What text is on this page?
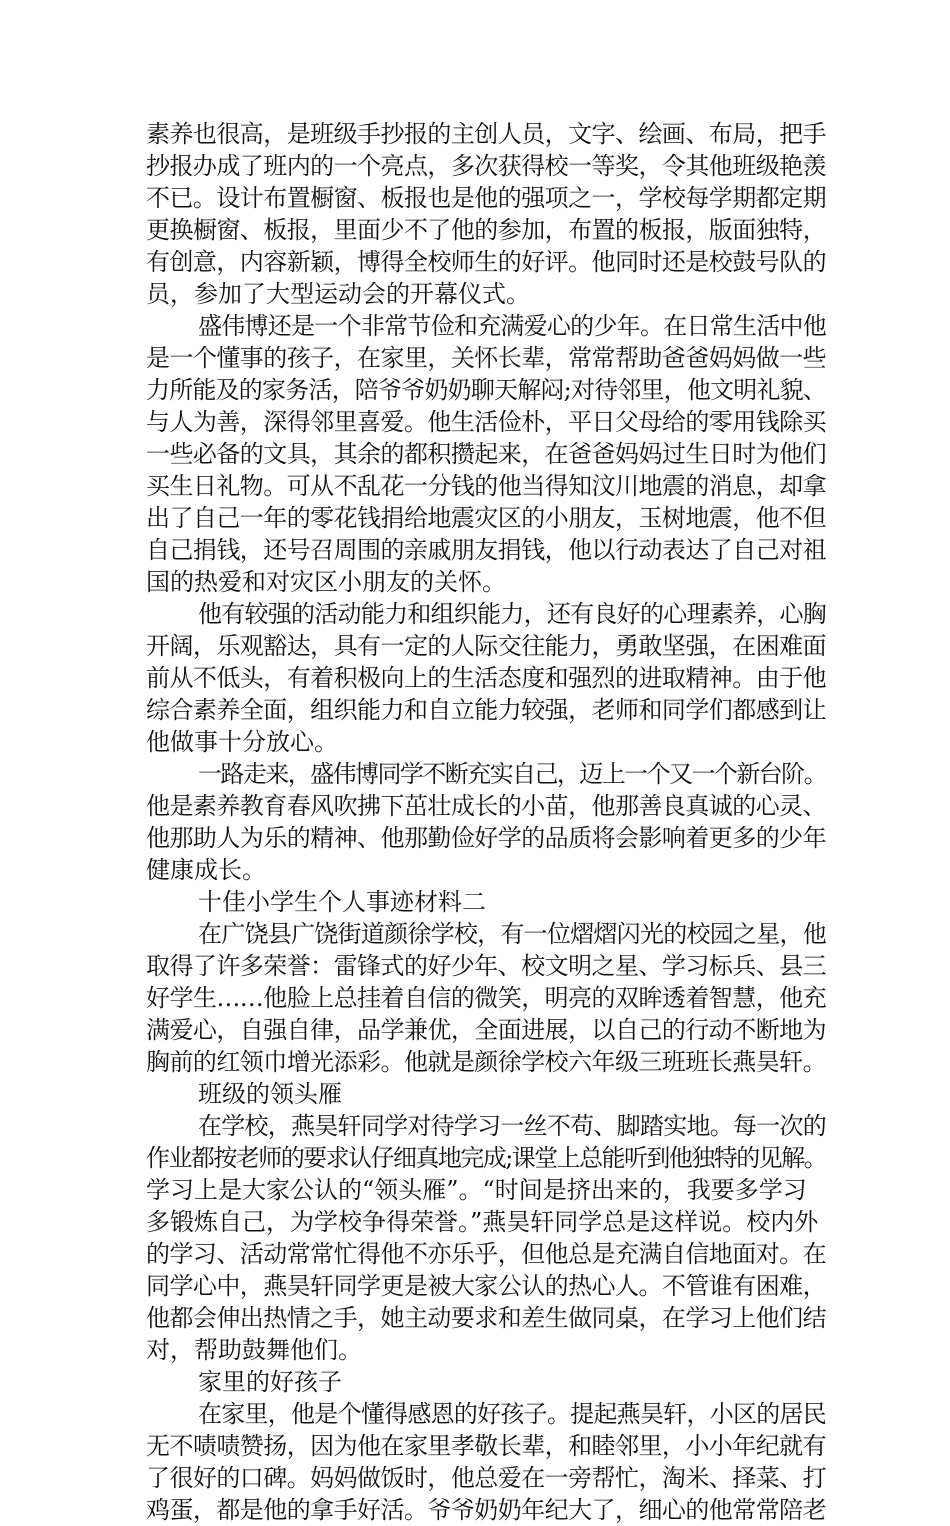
素养也很高，是班级手抄报的主创人员，文字、绘画、布局，把手
抄报办成了班内的一个亮点，多次获得校一等奖，令其他班级艳羡
不已。设计布置橱窗、板报也是他的强项之一，学校每学期都定期
更换橱窗、板报，里面少不了他的参加，布置的板报，版面独特，
有创意，内容新颖，博得全校师生的好评。他同时还是校鼓号队的
员，参加了大型运动会的开幕仪式。
盛伟博还是一个非常节俭和充满爱心的少年。在日常生活中他
是一个懂事的孩子，在家里，关怀长辈，常常帮助爸爸妈妈做一些
力所能及的家务活，陪爷爷奶奶聊天解闷;对待邻里，他文明礼貌、
与人为善，深得邻里喜爱。他生活俭朴，平日父母给的零用钱除买
一些必备的文具，其余的都积攒起来，在爸爸妈妈过生日时为他们
买生日礼物。可从不乱花一分钱的他当得知汶川地震的消息，却拿
出了自己一年的零花钱捐给地震灾区的小朋友，玉树地震，他不但
自己捐钱，还号召周围的亲戚朋友捐钱，他以行动表达了自己对祖
国的热爱和对灾区小朋友的关怀。
他有较强的活动能力和组织能力，还有良好的心理素养，心胸
开阔，乐观豁达，具有一定的人际交往能力，勇敢坚强，在困难面
前从不低头，有着积极向上的生活态度和强烈的进取精神。由于他
综合素养全面，组织能力和自立能力较强，老师和同学们都感到让
他做事十分放心。
一路走来，盛伟博同学不断充实自己，迈上一个又一个新台阶。
他是素养教育春风吹拂下茁壮成长的小苗，他那善良真诚的心灵、
他那助人为乐的精神、他那勤俭好学的品质将会影响着更多的少年
健康成长。
十佳小学生个人事迹材料二
在广饶县广饶街道颜徐学校，有一位熠熠闪光的校园之星，他
取得了许多荣誉：雷锋式的好少年、校文明之星、学习标兵、县三
好学生……他脸上总挂着自信的微笑，明亮的双眸透着智慧，他充
满爱心，自强自律，品学兼优，全面进展，以自己的行动不断地为
胸前的红领巾增光添彩。他就是颜徐学校六年级三班班长燕昊轩。
班级的领头雁
在学校，燕昊轩同学对待学习一丝不苟、脚踏实地。每一次的
作业都按老师的要求认仔细真地完成;课堂上总能听到他独特的见解。
学习上是大家公认的“领头雁”。“时间是挤出来的，我要多学习
多锻炼自己，为学校争得荣誉。”燕昊轩同学总是这样说。校内外
的学习、活动常常忙得他不亦乐乎，但他总是充满自信地面对。在
同学心中，燕昊轩同学更是被大家公认的热心人。不管谁有困难，
他都会伸出热情之手，她主动要求和差生做同桌，在学习上他们结
对，帮助鼓舞他们。
家里的好孩子
在家里，他是个懂得感恩的好孩子。提起燕昊轩，小区的居民
无不啧啧赞扬，因为他在家里孝敬长辈，和睦邻里，小小年纪就有
了很好的口碑。妈妈做饭时，他总爱在一旁帮忙，淘米、择菜、打
鸡蛋，都是他的拿手好活。爷爷奶奶年纪大了，细心的他常常陪老
